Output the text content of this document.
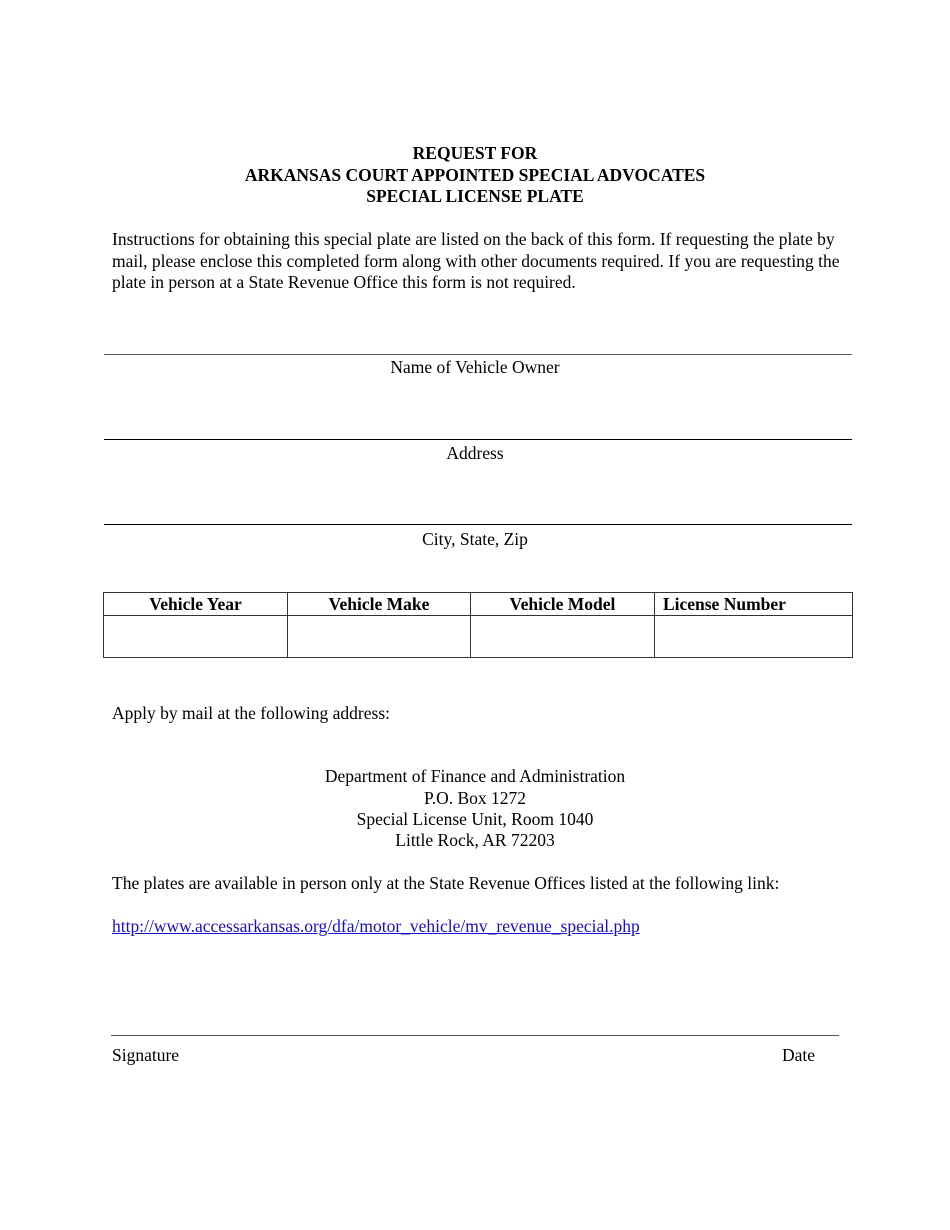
REQUEST FOR
ARKANSAS COURT APPOINTED SPECIAL ADVOCATES
SPECIAL LICENSE PLATE
Instructions for obtaining this special plate are listed on the back of this form. If requesting the plate by mail, please enclose this completed form along with other documents required. If you are requesting the plate in person at a State Revenue Office this form is not required.
Name of Vehicle Owner
Address
City, State, Zip
Vehicle Year	Vehicle Make	Vehicle Model	License Number

Apply by mail at the following address:
Department of Finance and Administration
P.O. Box 1272
Special License Unit, Room 1040
Little Rock, AR 72203
The plates are available in person only at the State Revenue Offices listed at the following link:
http://www.accessarkansas.org/dfa/motor_vehicle/mv_revenue_special.php
Signature	Date
